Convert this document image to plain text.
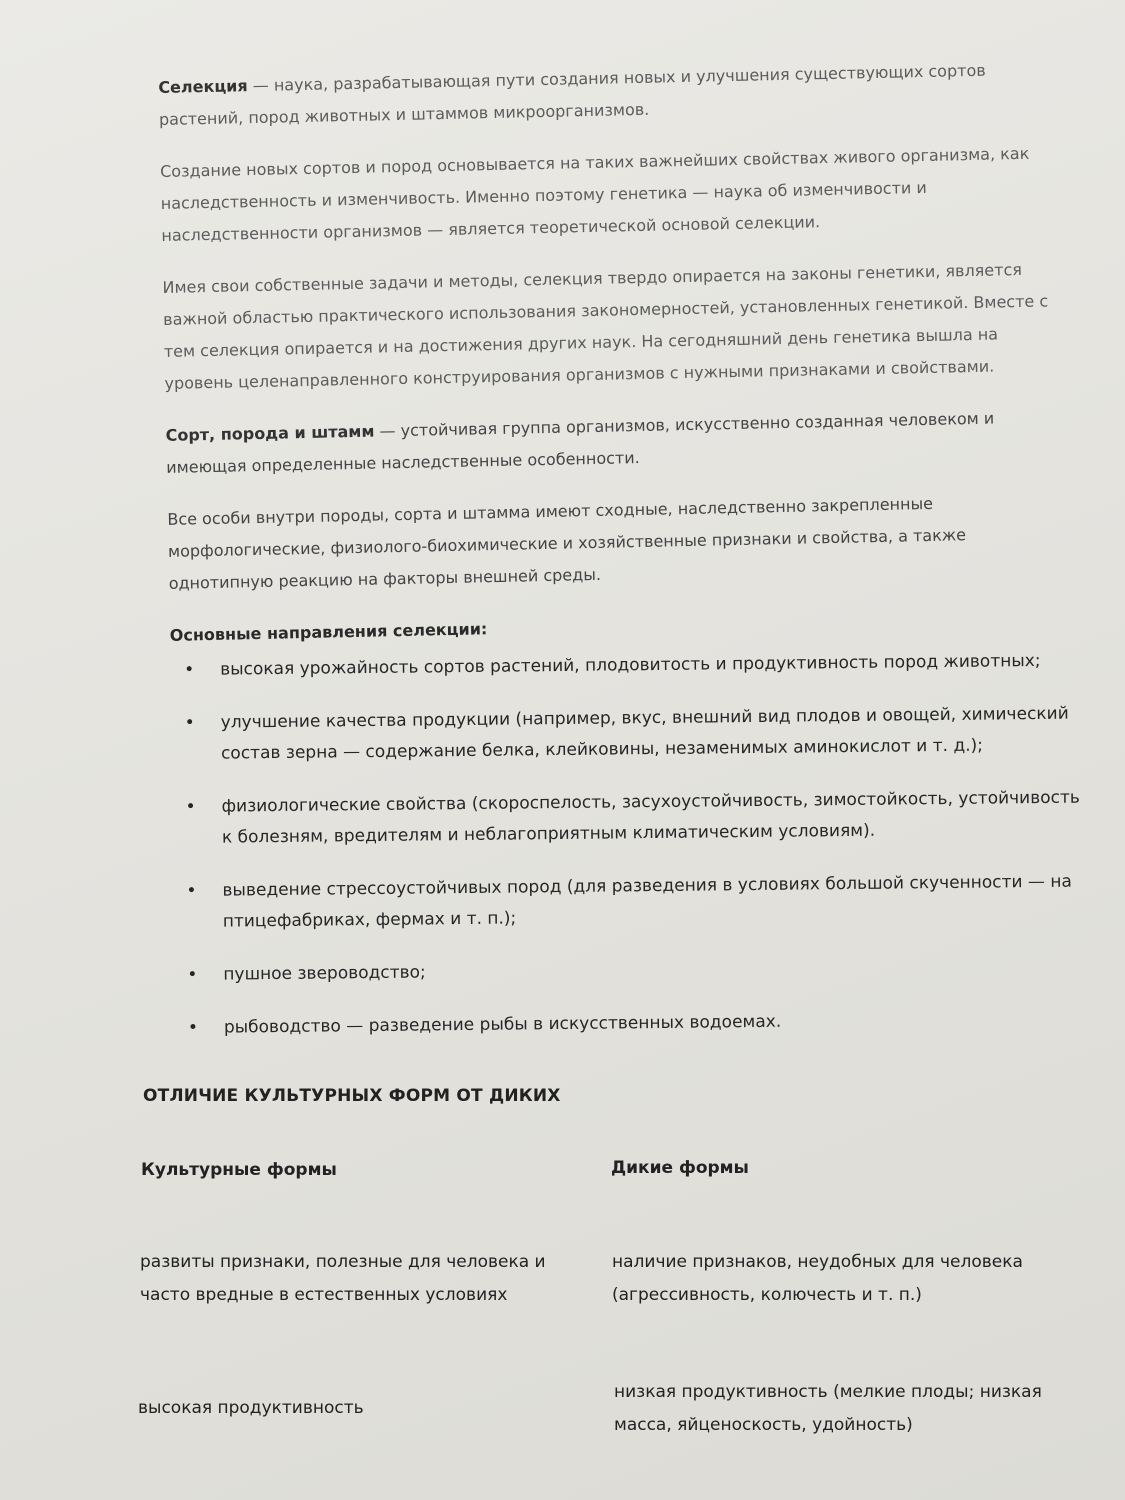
Селекция — наука, разрабатывающая пути создания новых и улучшения существующих сортов растений, пород животных и штаммов микроорганизмов.

Создание новых сортов и пород основывается на таких важнейших свойствах живого организма, как наследственность и изменчивость. Именно поэтому генетика — наука об изменчивости и наследственности организмов — является теоретической основой селекции.

Имея свои собственные задачи и методы, селекция твердо опирается на законы генетики, является важной областью практического использования закономерностей, установленных генетикой. Вместе с тем селекция опирается и на достижения других наук. На сегодняшний день генетика вышла на уровень целенаправленного конструирования организмов с нужными признаками и свойствами.

Сорт, порода и штамм — устойчивая группа организмов, искусственно созданная человеком и имеющая определенные наследственные особенности.

Все особи внутри породы, сорта и штамма имеют сходные, наследственно закрепленные морфологические, физиолого-биохимические и хозяйственные признаки и свойства, а также однотипную реакцию на факторы внешней среды.

Основные направления селекции:

• высокая урожайность сортов растений, плодовитость и продуктивность пород животных;
• улучшение качества продукции (например, вкус, внешний вид плодов и овощей, химический состав зерна — содержание белка, клейковины, незаменимых аминокислот и т. д.);
• физиологические свойства (скороспелость, засухоустойчивость, зимостойкость, устойчивость к болезням, вредителям и неблагоприятным климатическим условиям).
• выведение стрессоустойчивых пород (для разведения в условиях большой скученности — на птицефабриках, фермах и т. п.);
• пушное звероводство;
• рыбоводство — разведение рыбы в искусственных водоемах.
ОТЛИЧИЕ КУЛЬТУРНЫХ ФОРМ ОТ ДИКИХ
Культурные формы	Дикие формы
развиты признаки, полезные для человека и часто вредные в естественных условиях
наличие признаков, неудобных для человека (агрессивность, колючесть и т. п.)
высокая продуктивность
низкая продуктивность (мелкие плоды; низкая масса, яйценоскость, удойность)
